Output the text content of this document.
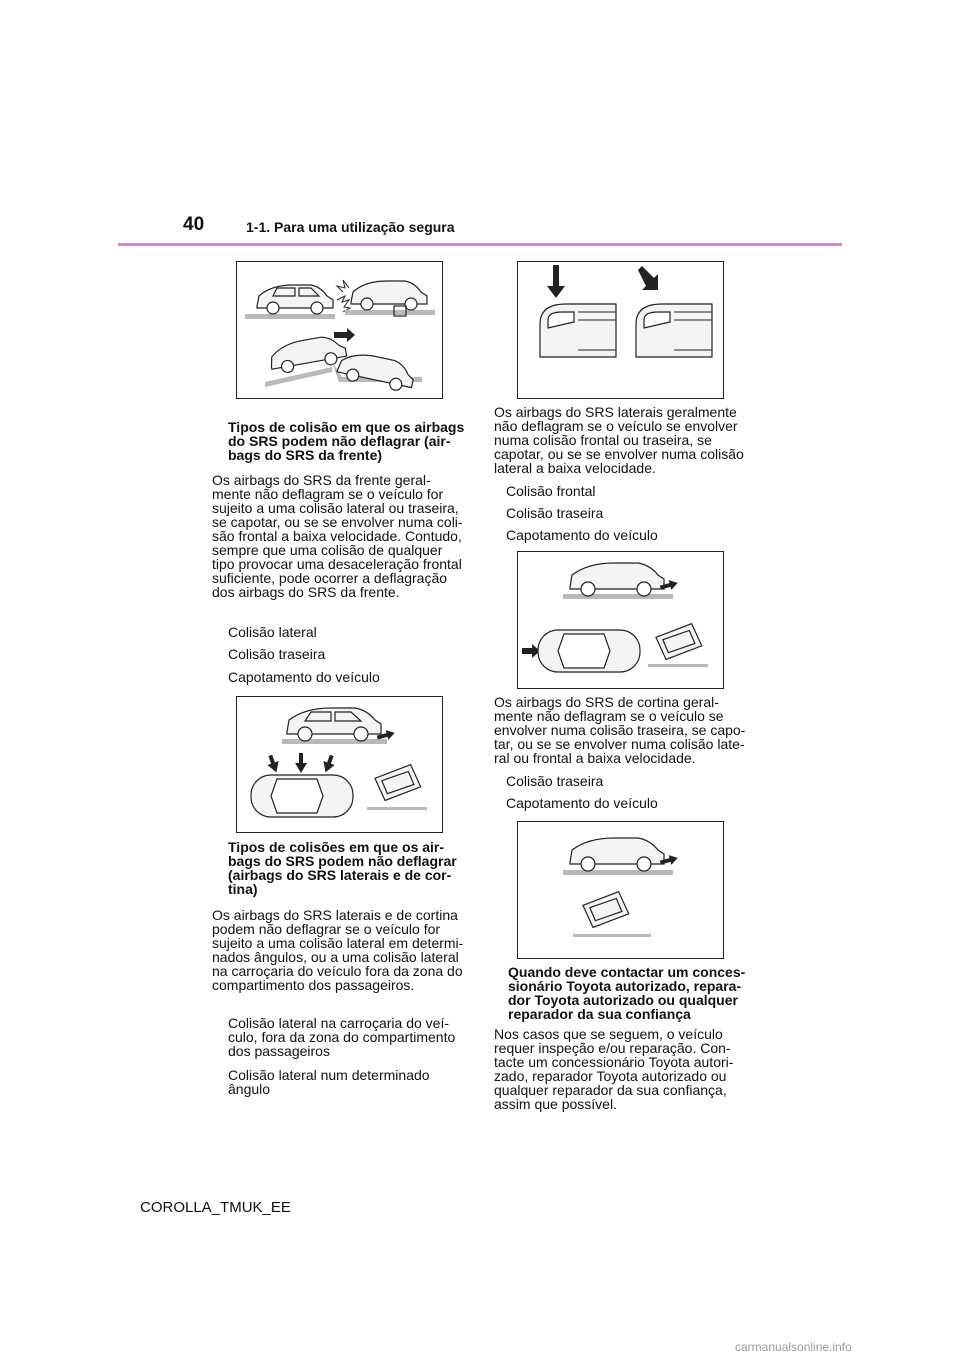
40	1-1. Para uma utilização segura
Tipos de colisão em que os airbags
do SRS podem não deflagrar (air-
bags do SRS da frente)
Os airbags do SRS da frente geral-
mente não deflagram se o veículo for
sujeito a uma colisão lateral ou traseira,
se capotar, ou se se envolver numa coli-
são frontal a baixa velocidade. Contudo,
sempre que uma colisão de qualquer
tipo provocar uma desaceleração frontal
suficiente, pode ocorrer a deflagração
dos airbags do SRS da frente.
Colisão lateral
Colisão traseira
Capotamento do veículo
Tipos de colisões em que os air-
bags do SRS podem não deflagrar
(airbags do SRS laterais e de cor-
tina)
Os airbags do SRS laterais e de cortina
podem não deflagrar se o veículo for
sujeito a uma colisão lateral em determi-
nados ângulos, ou a uma colisão lateral
na carroçaria do veículo fora da zona do
compartimento dos passageiros.
Colisão lateral na carroçaria do veí-
culo, fora da zona do compartimento
dos passageiros
Colisão lateral num determinado
ângulo
Os airbags do SRS laterais geralmente
não deflagram se o veículo se envolver
numa colisão frontal ou traseira, se
capotar, ou se se envolver numa colisão
lateral a baixa velocidade.
Colisão frontal
Colisão traseira
Capotamento do veículo
Os airbags do SRS de cortina geral-
mente não deflagram se o veículo se
envolver numa colisão traseira, se capo-
tar, ou se se envolver numa colisão late-
ral ou frontal a baixa velocidade.
Colisão traseira
Capotamento do veículo
Quando deve contactar um conces-
sionário Toyota autorizado, repara-
dor Toyota autorizado ou qualquer
reparador da sua confiança
Nos casos que se seguem, o veículo
requer inspeção e/ou reparação. Con-
tacte um concessionário Toyota autori-
zado, reparador Toyota autorizado ou
qualquer reparador da sua confiança,
assim que possível.
COROLLA_TMUK_EE
carmanualsonline.info
